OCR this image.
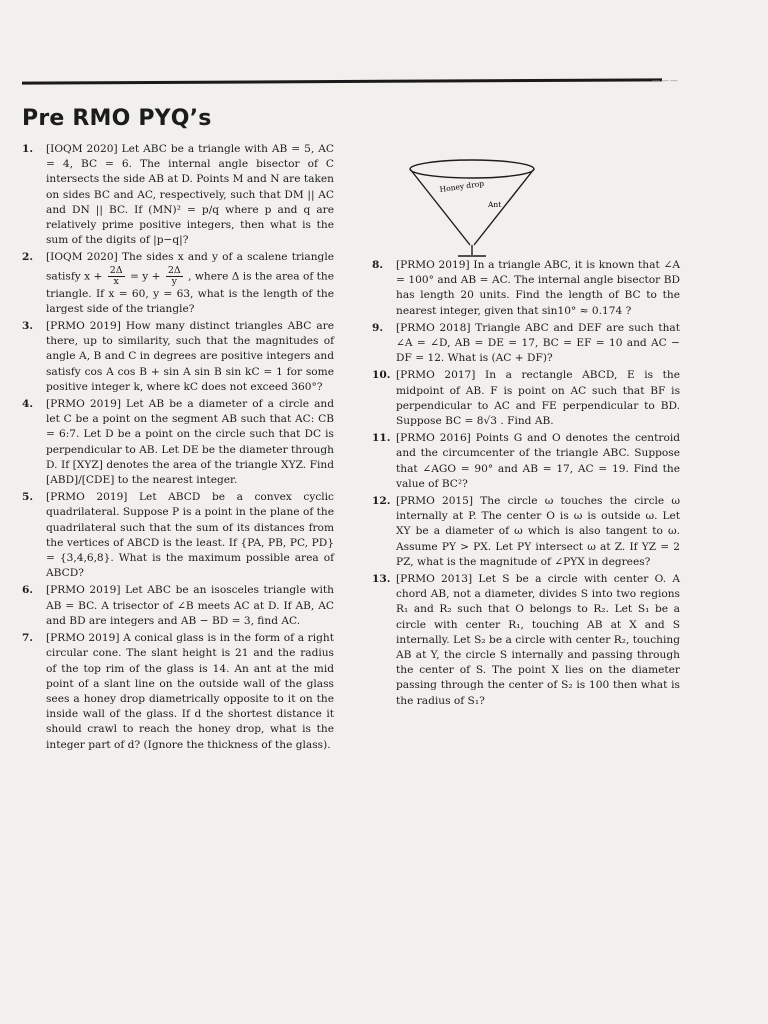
———
Pre RMO PYQ’s
Honey drop
Ant
1.	[IOQM 2020] Let ABC be a triangle with AB = 5, AC = 4, BC = 6. The internal angle bisector of C intersects the side AB at D. Points M and N are taken on sides BC and AC, respectively, such that DM || AC and DN || BC. If (MN)² = p/q where p and q are relatively prime positive integers, then what is the sum of the digits of |p−q|?
2.	[IOQM 2020] The sides x and y of a scalene triangle satisfy $x + \frac{2\Delta}{x} = y + \frac{2\Delta}{y}$ , where Δ is the area of the triangle. If x = 60, y = 63, what is the length of the largest side of the triangle?
3.	[PRMO 2019] How many distinct triangles ABC are there, up to similarity, such that the magnitudes of angle A, B and C in degrees are positive integers and satisfy cos A cos B + sin A sin B sin kC = 1 for some positive integer k, where kC does not exceed 360°?
4.	[PRMO 2019] Let AB be a diameter of a circle and let C be a point on the segment AB such that AC: CB = 6:7. Let D be a point on the circle such that DC is perpendicular to AB. Let DE be the diameter through D. If [XYZ] denotes the area of the triangle XYZ. Find [ABD]/[CDE] to the nearest integer.
5.	[PRMO 2019] Let ABCD be a convex cyclic quadrilateral. Suppose P is a point in the plane of the quadrilateral such that the sum of its distances from the vertices of ABCD is the least. If {PA, PB, PC, PD} = {3,4,6,8}. What is the maximum possible area of ABCD?
6.	[PRMO 2019] Let ABC be an isosceles triangle with AB = BC. A trisector of ∠B meets AC at D. If AB, AC and BD are integers and AB − BD = 3, find AC.
7.	[PRMO 2019] A conical glass is in the form of a right circular cone. The slant height is 21 and the radius of the top rim of the glass is 14. An ant at the mid point of a slant line on the outside wall of the glass sees a honey drop diametrically opposite to it on the inside wall of the glass. If d the shortest distance it should crawl to reach the honey drop, what is the integer part of d? (Ignore the thickness of the glass).
8.	[PRMO 2019] In a triangle ABC, it is known that ∠A = 100° and AB = AC. The internal angle bisector BD has length 20 units. Find the length of BC to the nearest integer, given that sin10° ≈ 0.174 ?
9.	[PRMO 2018] Triangle ABC and DEF are such that ∠A = ∠D, AB = DE = 17, BC = EF = 10 and AC − DF = 12. What is (AC + DF)?
10. [PRMO 2017] In a rectangle ABCD, E is the midpoint of AB. F is point on AC such that BF is perpendicular to AC and FE perpendicular to BD. Suppose BC = 8√3 . Find AB.
11. [PRMO 2016] Points G and O denotes the centroid and the circumcenter of the triangle ABC. Suppose that ∠AGO = 90° and AB = 17, AC = 19. Find the value of BC²?
12. [PRMO 2015] The circle ω touches the circle ω internally at P. The center O is ω is outside ω. Let XY be a diameter of ω which is also tangent to ω. Assume PY > PX. Let PY intersect ω at Z. If YZ = 2 PZ, what is the magnitude of ∠PYX in degrees?
13. [PRMO 2013] Let S be a circle with center O. A chord AB, not a diameter, divides S into two regions R₁ and R₂ such that O belongs to R₂. Let S₁ be a circle with center R₁, touching AB at X and S internally. Let S₂ be a circle with center R₂, touching AB at Y, the circle S internally and passing through the center of S. The point X lies on the diameter passing through the center of S₂ is 100 then what is the radius of S₁?
